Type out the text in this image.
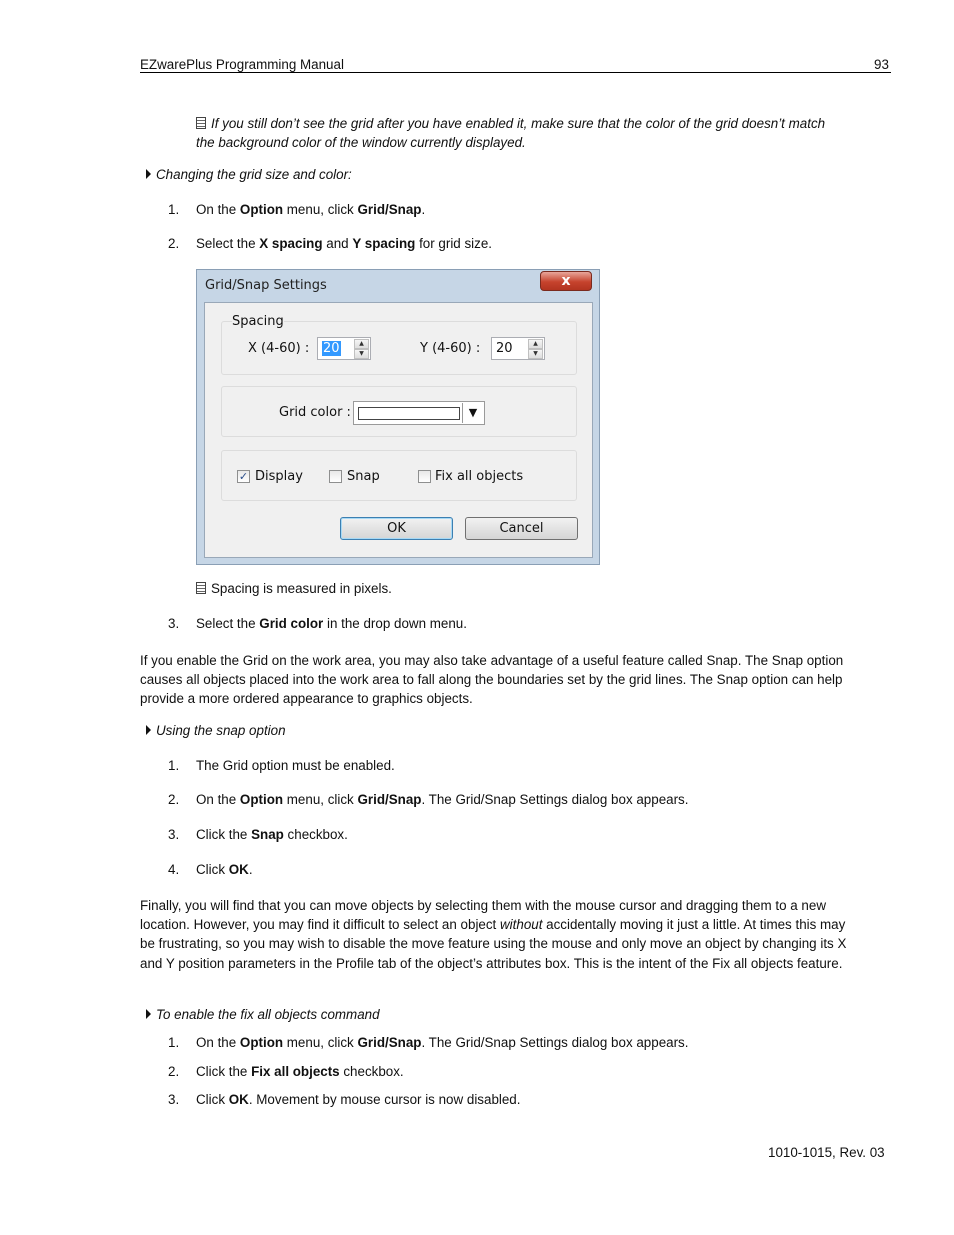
EZwarePlus Programming Manual	93
If you still don’t see the grid after you have enabled it, make sure that the color of the grid doesn’t match the background color of the window currently displayed.
Changing the grid size and color:
1. On the Option menu, click Grid/Snap.
2. Select the X spacing and Y spacing for grid size.
Grid/Snap Settings	x
Spacing
X (4-60) : 20	▲
▼	Y (4-60) : 20	▲
▼
Grid color :	▼
✓ Display	Snap	Fix all objects
OK	Cancel
Spacing is measured in pixels.
3. Select the Grid color in the drop down menu.
If you enable the Grid on the work area, you may also take advantage of a useful feature called Snap. The Snap option causes all objects placed into the work area to fall along the boundaries set by the grid lines. The Snap option can help provide a more ordered appearance to graphics objects.
Using the snap option
1. The Grid option must be enabled.
2. On the Option menu, click Grid/Snap. The Grid/Snap Settings dialog box appears.
3. Click the Snap checkbox.
4. Click OK.
Finally, you will find that you can move objects by selecting them with the mouse cursor and dragging them to a new location. However, you may find it difficult to select an object without accidentally moving it just a little. At times this may be frustrating, so you may wish to disable the move feature using the mouse and only move an object by changing its X and Y position parameters in the Profile tab of the object’s attributes box. This is the intent of the Fix all objects feature.
To enable the fix all objects command
1. On the Option menu, click Grid/Snap. The Grid/Snap Settings dialog box appears.
2. Click the Fix all objects checkbox.
3. Click OK. Movement by mouse cursor is now disabled.
1010-1015, Rev. 03
